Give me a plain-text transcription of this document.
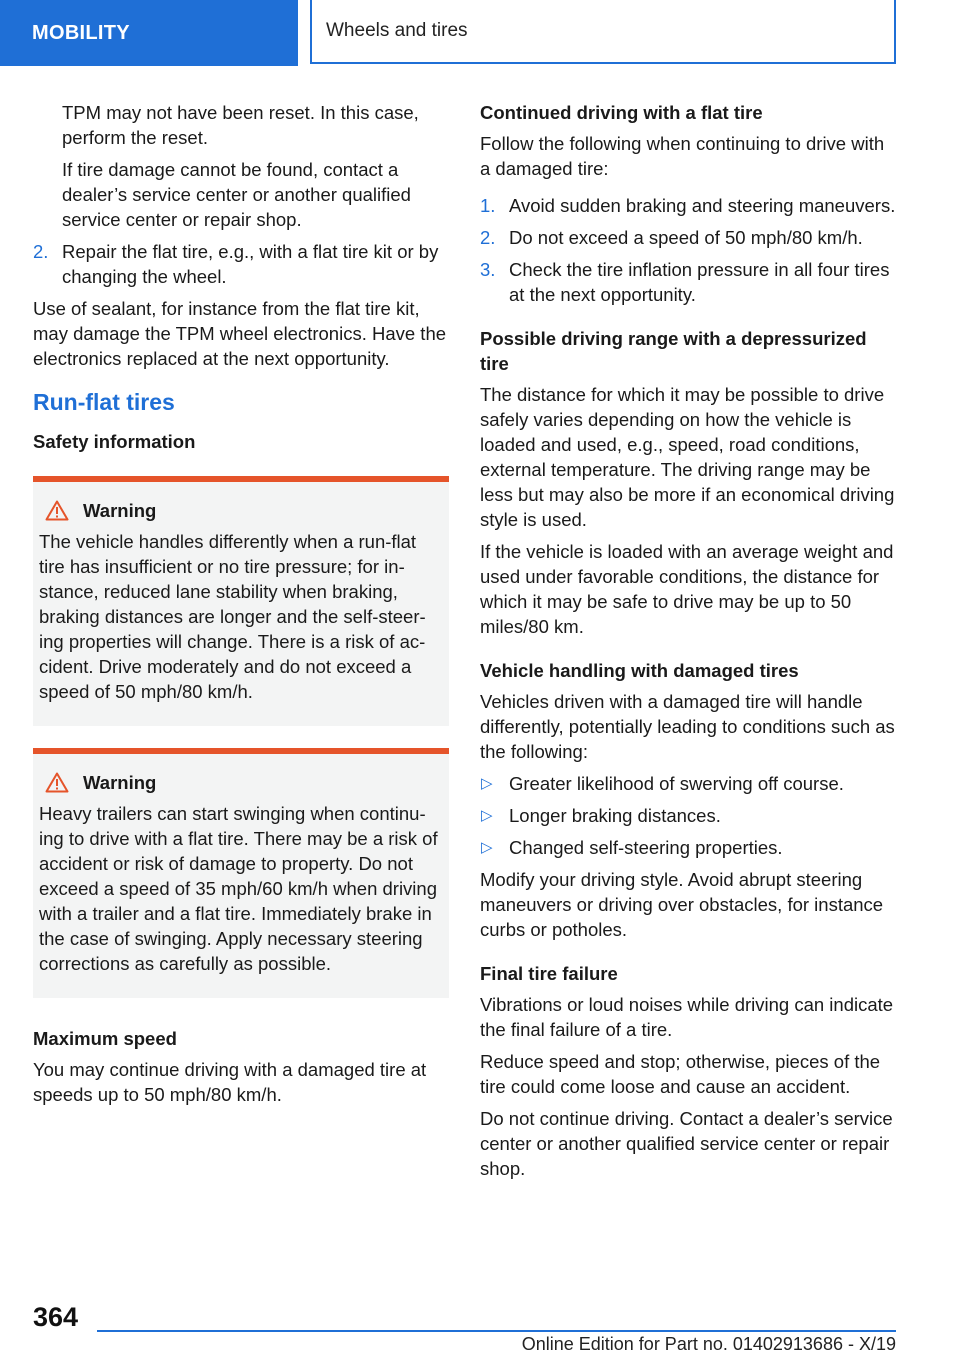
MOBILITY	Wheels and tires

TPM may not have been reset. In this case, perform the reset.

If tire damage cannot be found, contact a dealer’s service center or another qualified service center or repair shop.

2. Repair the flat tire, e.g., with a flat tire kit or by changing the wheel.

Use of sealant, for instance from the flat tire kit, may damage the TPM wheel electronics. Have the electronics replaced at the next opportunity.

Run-flat tires
Safety information
Warning
The vehicle handles differently when a run-flat tire has insufficient or no tire pressure; for instance, reduced lane stability when braking, braking distances are longer and the self-steering properties will change. There is a risk of accident. Drive moderately and do not exceed a speed of 50 mph/80 km/h.
Warning
Heavy trailers can start swinging when continuing to drive with a flat tire. There may be a risk of accident or risk of damage to property. Do not exceed a speed of 35 mph/60 km/h when driving with a trailer and a flat tire. Immediately brake in the case of swinging. Apply necessary steering corrections as carefully as possible.
Maximum speed

You may continue driving with a damaged tire at speeds up to 50 mph/80 km/h.

Continued driving with a flat tire

Follow the following when continuing to drive with a damaged tire:

1. Avoid sudden braking and steering maneuvers.
2. Do not exceed a speed of 50 mph/80 km/h.
3. Check the tire inflation pressure in all four tires at the next opportunity.
Possible driving range with a depressurized tire

The distance for which it may be possible to drive safely varies depending on how the vehicle is loaded and used, e.g., speed, road conditions, external temperature. The driving range may be less but may also be more if an economical driving style is used.

If the vehicle is loaded with an average weight and used under favorable conditions, the distance for which it may be safe to drive may be up to 50 miles/80 km.

Vehicle handling with damaged tires

Vehicles driven with a damaged tire will handle differently, potentially leading to conditions such as the following:

▷ Greater likelihood of swerving off course.
▷ Longer braking distances.
▷ Changed self-steering properties.

Modify your driving style. Avoid abrupt steering maneuvers or driving over obstacles, for instance curbs or potholes.

Final tire failure

Vibrations or loud noises while driving can indicate the final failure of a tire.

Reduce speed and stop; otherwise, pieces of the tire could come loose and cause an accident.

Do not continue driving. Contact a dealer’s service center or another qualified service center or repair shop.

364
Online Edition for Part no. 01402913686 - X/19
